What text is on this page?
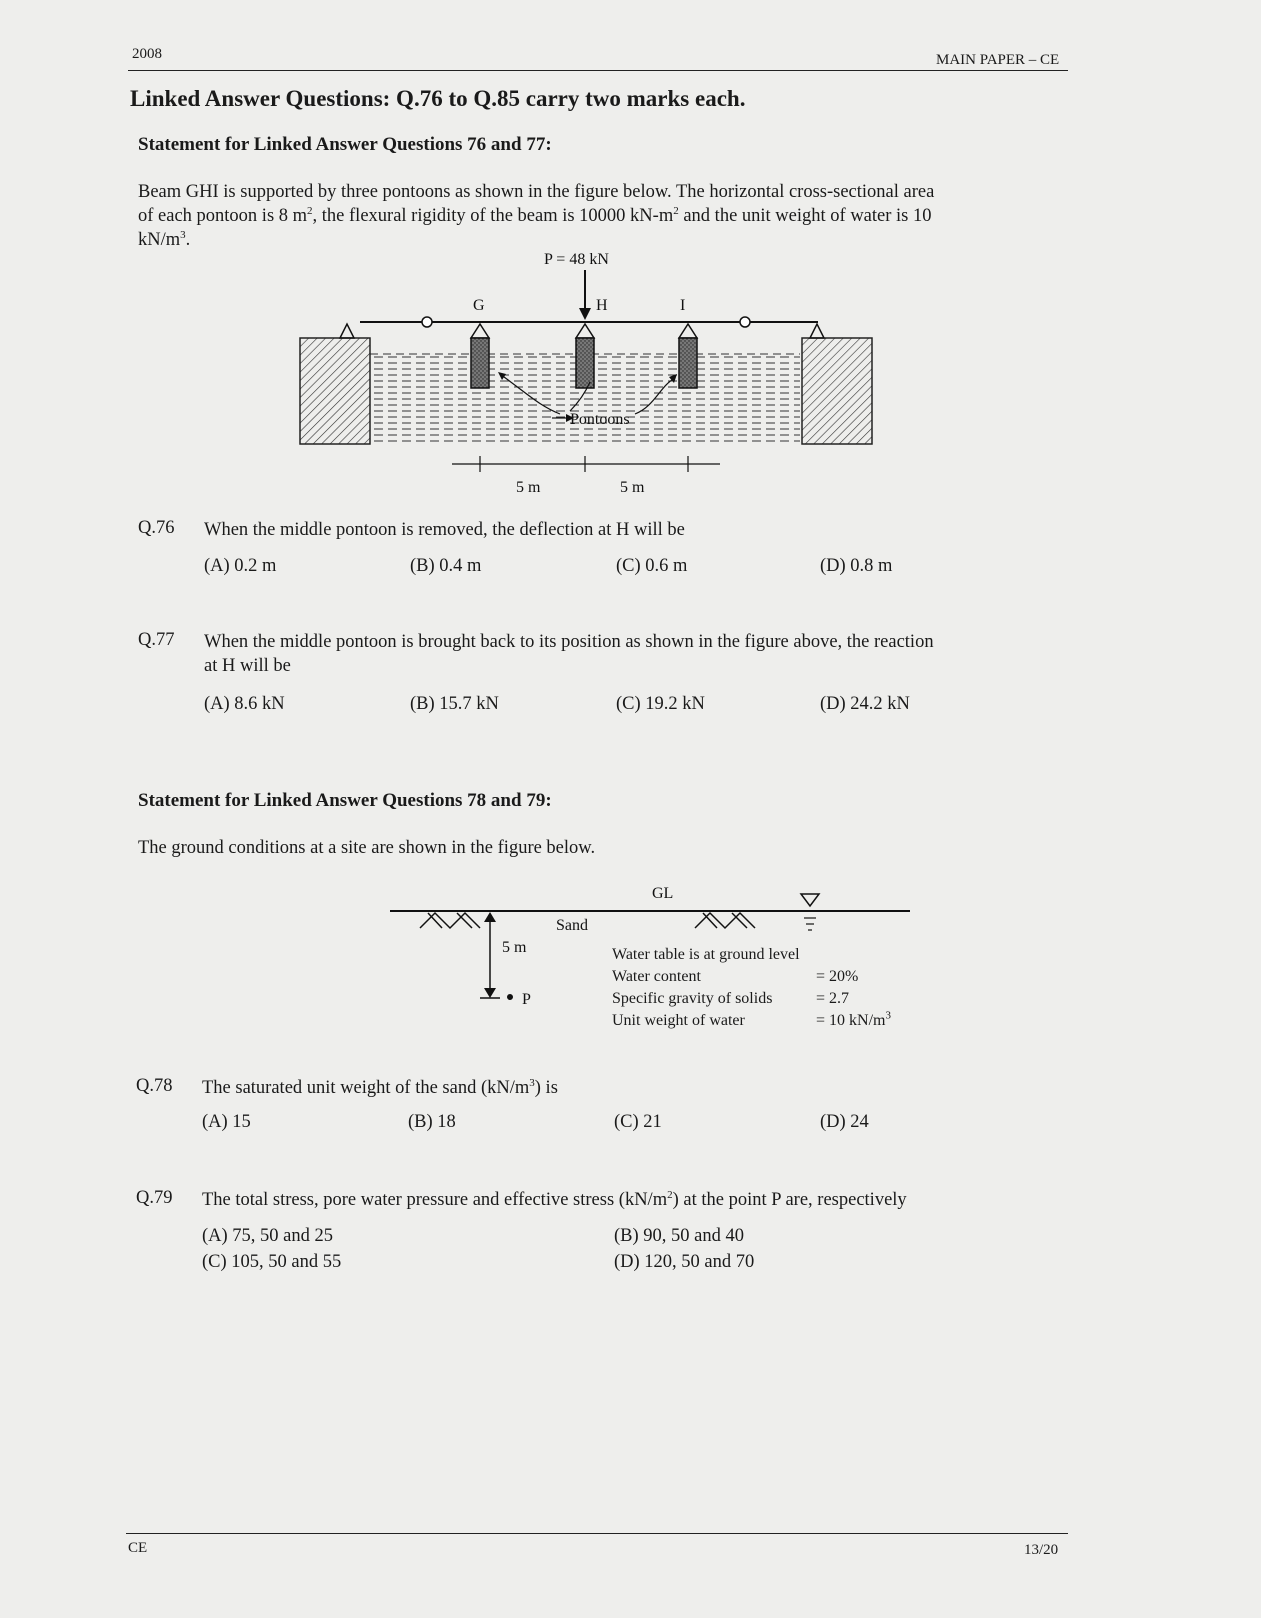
2008	MAIN PAPER – CE
Linked Answer Questions: Q.76 to Q.85 carry two marks each.
Statement for Linked Answer Questions 76 and 77:
Beam GHI is supported by three pontoons as shown in the figure below. The horizontal cross-sectional area
of each pontoon is 8 $m^2$, the flexural rigidity of the beam is 10000 $kN-m^2$ and the unit weight of water is 10
$kN/m^3$.
P = 48 kN
G	H	I
Pontoons
5 m	5 m
Q.76 When the middle pontoon is removed, the deflection at H will be
(A) 0.2 m	(B) 0.4 m	(C) 0.6 m	(D) 0.8 m
Q.77 When the middle pontoon is brought back to its position as shown in the figure above, the reaction
at H will be
(A) 8.6 kN	(B) 15.7 kN	(C) 19.2 kN	(D) 24.2 kN
Statement for Linked Answer Questions 78 and 79:
The ground conditions at a site are shown in the figure below.
GL
5 m
P
Sand
Water table is at ground level
Water content	= 20%
Specific gravity of solids	= 2.7
Unit weight of water	= 10 $kN/m^3$
Q.78 The saturated unit weight of the sand $(kN/m^3)$ is
(A) 15	(B) 18	(C) 21	(D) 24
Q.79 The total stress, pore water pressure and effective stress $(kN/m^2)$ at the point P are, respectively
(A) 75, 50 and 25	(B) 90, 50 and 40
(C) 105, 50 and 55	(D) 120, 50 and 70
CE	13/20
